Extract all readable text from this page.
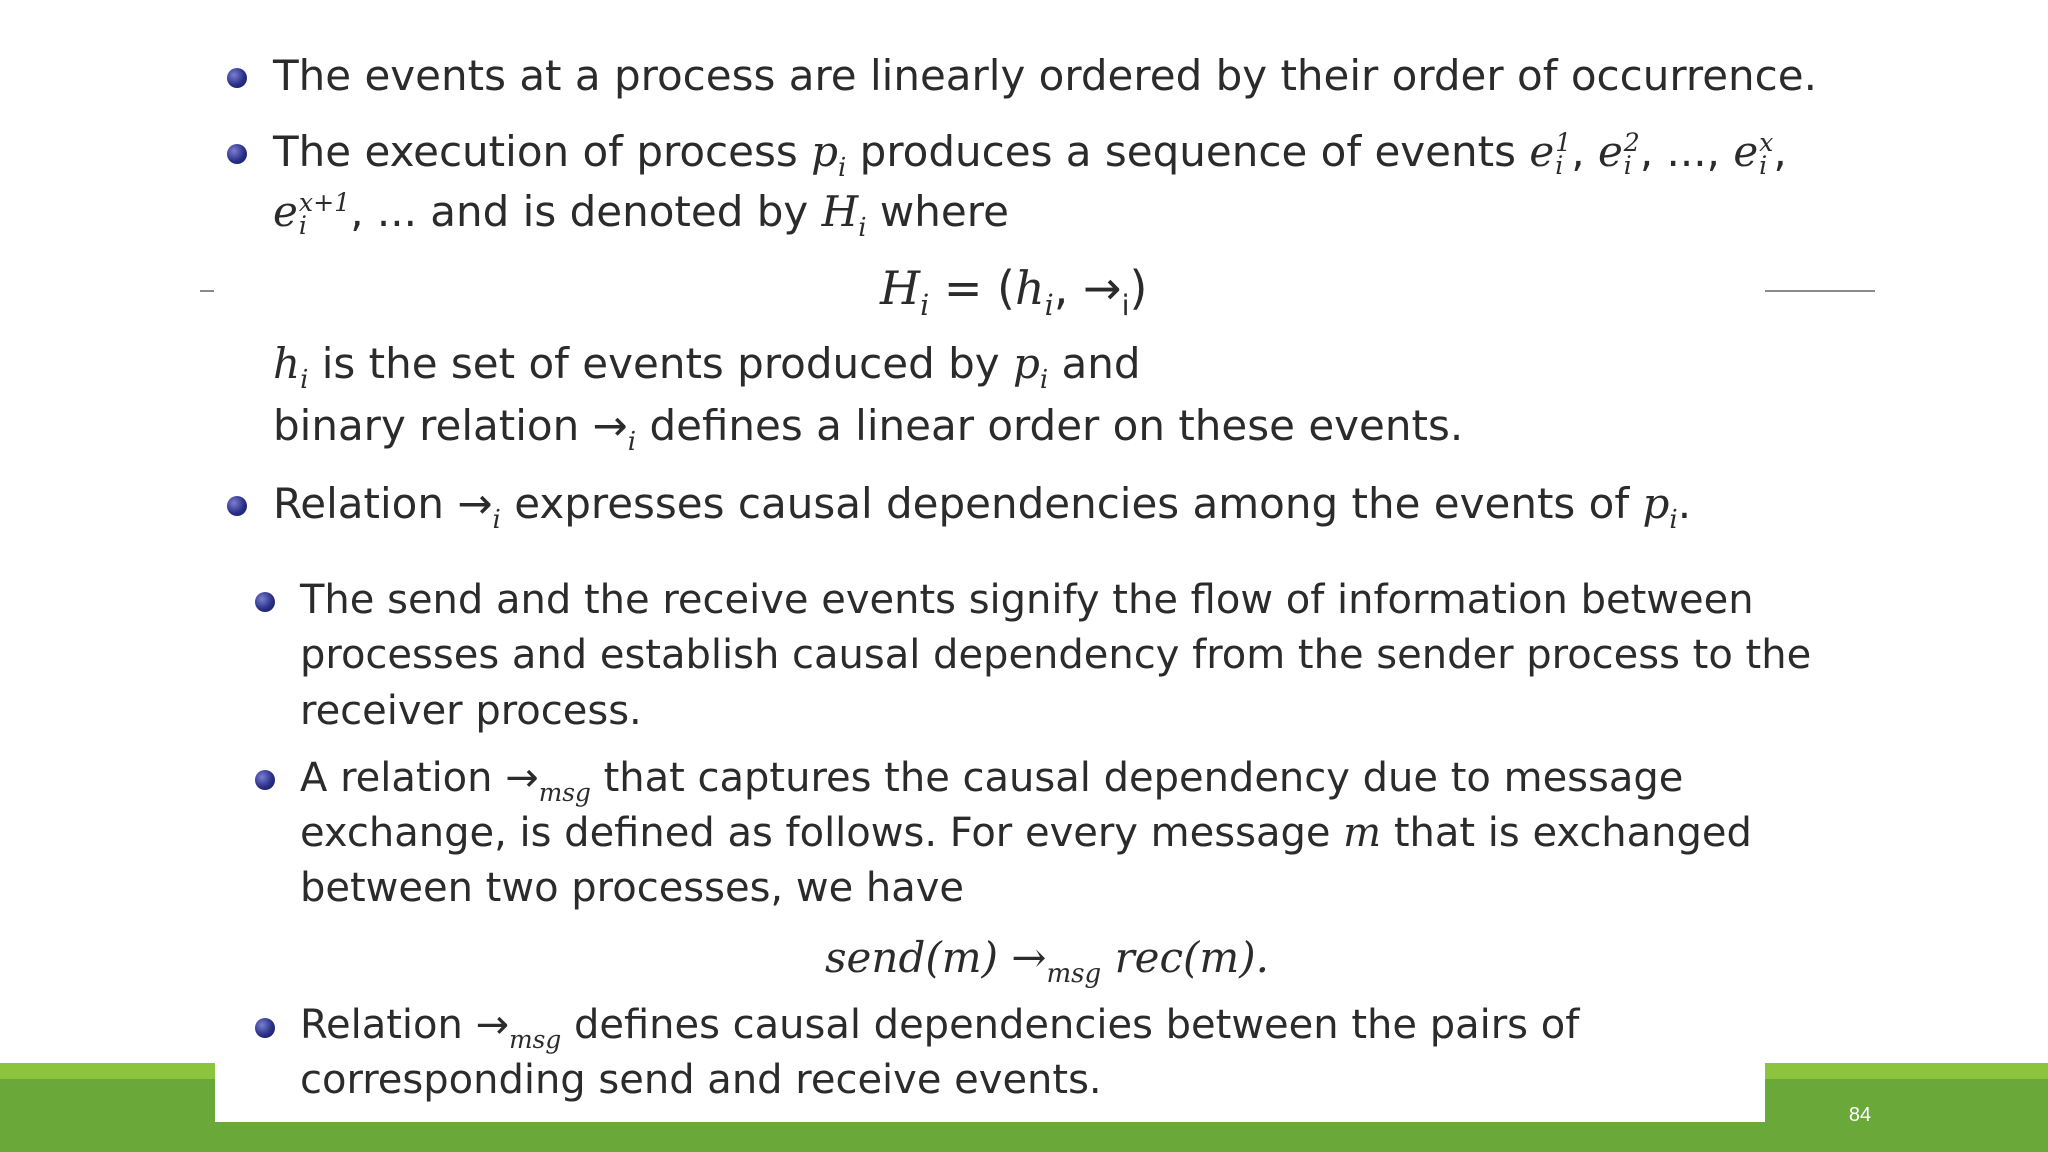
84
The events at a process are linearly ordered by their order of occurrence.
The execution of process $p_i$ produces a sequence of events e 1
i , e 2
i , ..., e x
i ,
e x+1
i	, ... and is denoted by $H_i$ where
$H_i = (h_i$, $\to_i$)
$h_i$ is the set of events produced by $p_i$ and
binary relation $\to_i$ defines a linear order on these events.
Relation $\to_i$ expresses causal dependencies among the events of $p_i$.
The send and the receive events signify the flow of information between
processes and establish causal dependency from the sender process to the
receiver process.
A relation $\to_{msg}$ that captures the causal dependency due to message
exchange, is defined as follows. For every message m that is exchanged
between two processes, we have
send(m) $\to_{msg}$ rec(m).
Relation $\to_{msg}$ defines causal dependencies between the pairs of
corresponding send and receive events.
